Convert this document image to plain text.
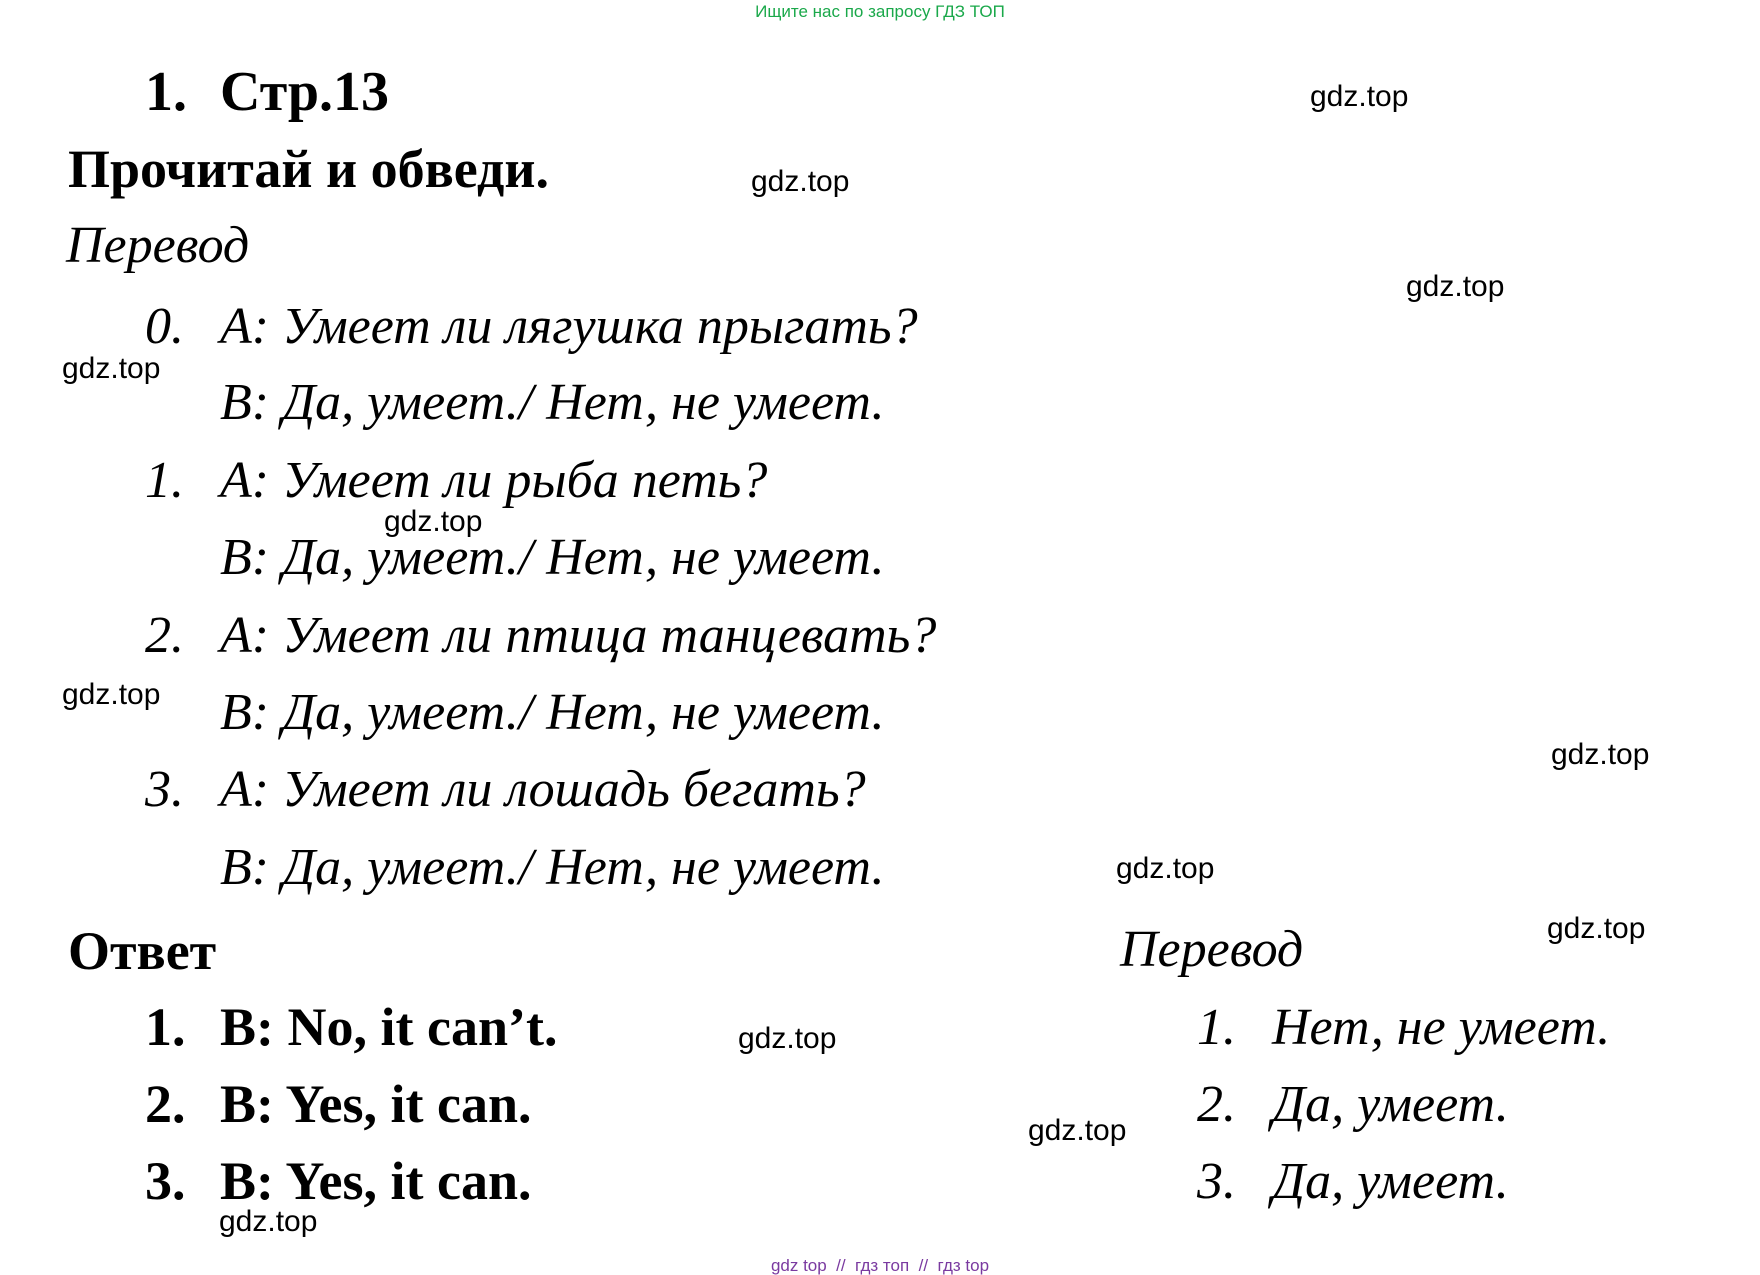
Ищите нас по запросу ГДЗ ТОП
1. Стр.13
Прочитай и обведи.
Перевод
0. A: Умеет ли лягушка прыгать?
B: Да, умеет./ Нет, не умеет.
1. A: Умеет ли рыба петь?
B: Да, умеет./ Нет, не умеет.
2. A: Умеет ли птица танцевать?
B: Да, умеет./ Нет, не умеет.
3. A: Умеет ли лошадь бегать?
B: Да, умеет./ Нет, не умеет.
Ответ
1. B: No, it can’t.
2. B: Yes, it can.
3. B: Yes, it can.
Перевод
1. Нет, не умеет.
2. Да, умеет.
3. Да, умеет.
gdz.top
gdz.top
gdz.top
gdz.top
gdz.top
gdz.top
gdz.top
gdz.top
gdz.top
gdz.top
gdz.top
gdz.top
gdz top  //  гдз топ  //  гдз top
